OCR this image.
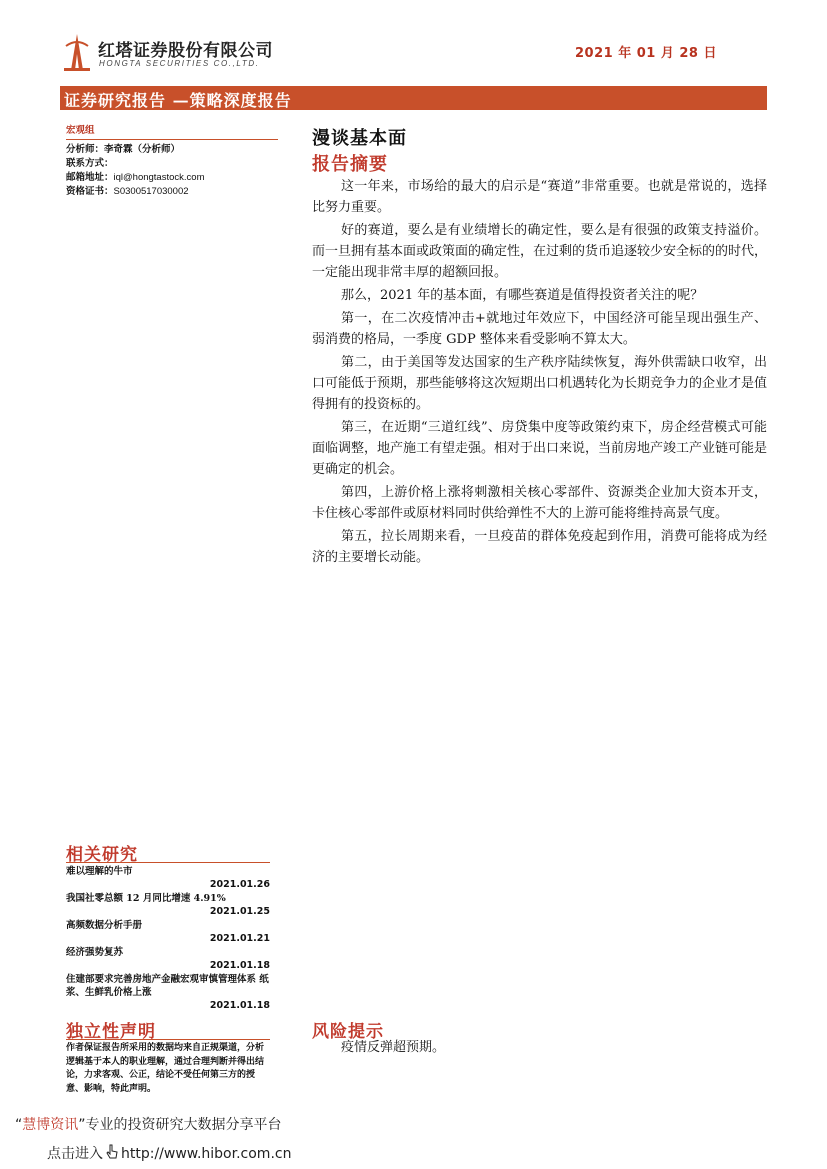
红塔证券股份有限公司
HONGTA SECURITIES CO.,LTD.
2021 年 01 月 28 日
证券研究报告 —策略深度报告
宏观组
分析师：李奇霖（分析师）
联系方式：
邮箱地址：iql@hongtastock.com
资格证书：S0300517030002
漫谈基本面
报告摘要

这一年来，市场给的最大的启示是“赛道”非常重要。也就是常说的，选择比努力重要。

好的赛道，要么是有业绩增长的确定性，要么是有很强的政策支持溢价。而一旦拥有基本面或政策面的确定性，在过剩的货币追逐较少安全标的的时代，一定能出现非常丰厚的超额回报。

那么，2021 年的基本面，有哪些赛道是值得投资者关注的呢？

第一，在二次疫情冲击+就地过年效应下，中国经济可能呈现出强生产、弱消费的格局，一季度 GDP 整体来看受影响不算太大。

第二，由于美国等发达国家的生产秩序陆续恢复，海外供需缺口收窄，出口可能低于预期，那些能够将这次短期出口机遇转化为长期竞争力的企业才是值得拥有的投资标的。

第三，在近期“三道红线”、房贷集中度等政策约束下，房企经营模式可能面临调整，地产施工有望走强。相对于出口来说，当前房地产竣工产业链可能是更确定的机会。

第四，上游价格上涨将刺激相关核心零部件、资源类企业加大资本开支，卡住核心零部件或原材料同时供给弹性不大的上游可能将维持高景气度。

第五，拉长周期来看，一旦疫苗的群体免疫起到作用，消费可能将成为经济的主要增长动能。

相关研究
难以理解的牛市
2021.01.26
我国社零总额 12 月同比增速 4.91%
2021.01.25
高频数据分析手册
2021.01.21
经济强势复苏
2021.01.18
住建部要求完善房地产金融宏观审慎管理体系 纸浆、生鲜乳价格上涨
2021.01.18
独立性声明

作者保证报告所采用的数据均来自正规渠道，分析逻辑基于本人的职业理解，通过合理判断并得出结论，力求客观、公正，结论不受任何第三方的授意、影响，特此声明。

风险提示

疫情反弹超预期。

“慧博资讯”专业的投资研究大数据分享平台
点击进入 http://www.hibor.com.cn
